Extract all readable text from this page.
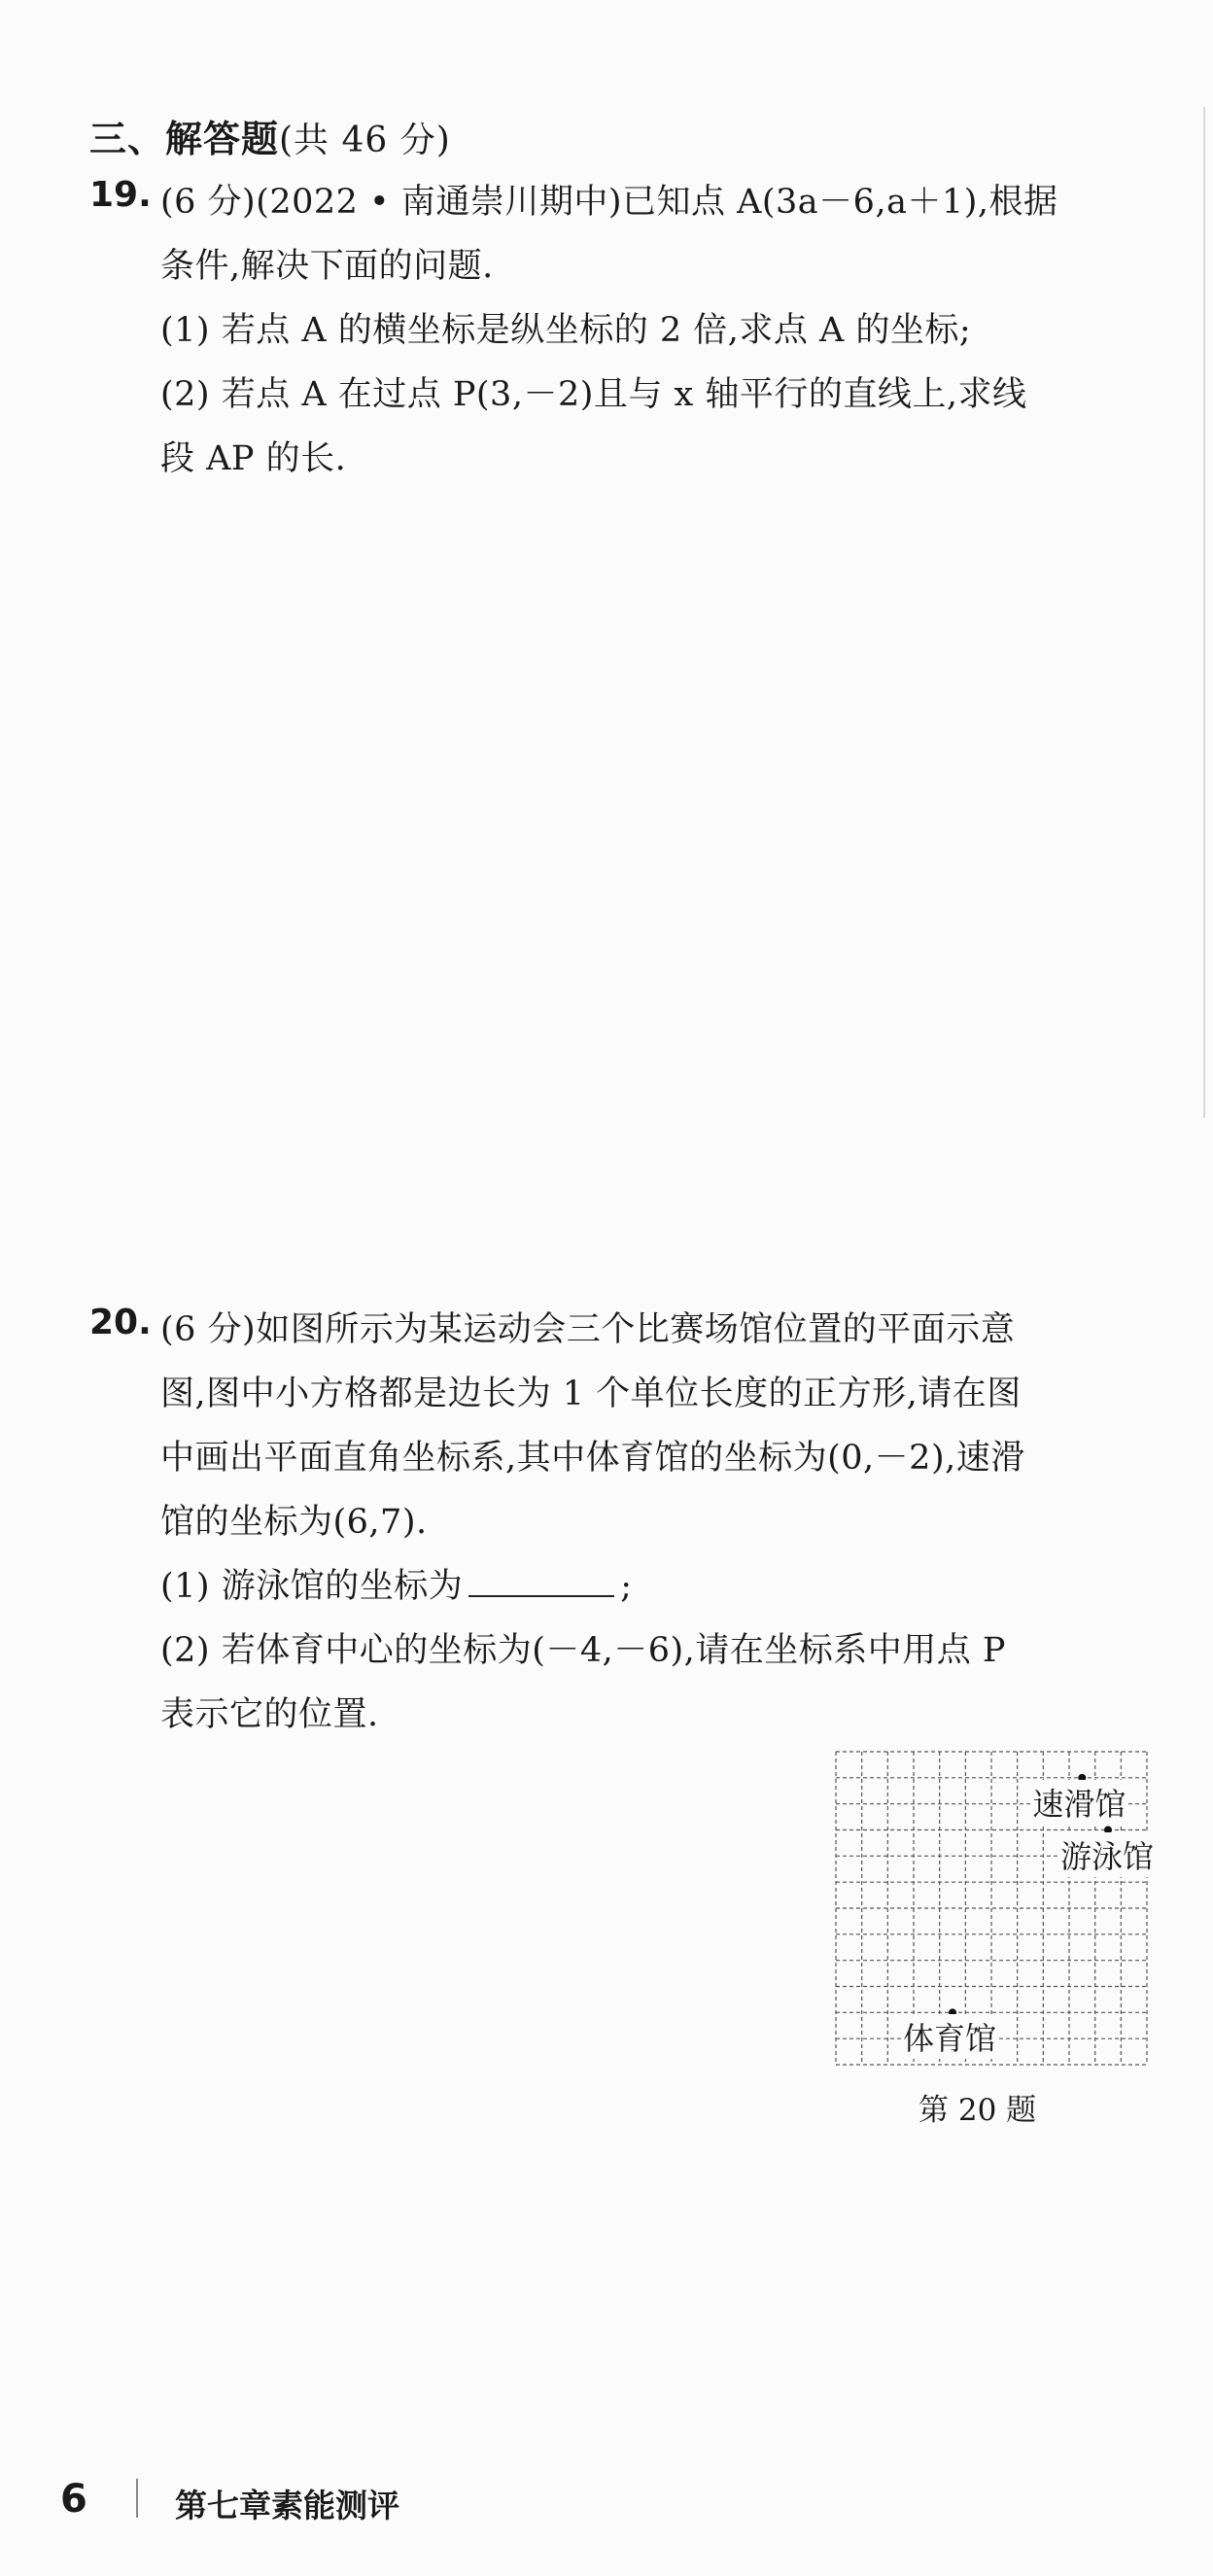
三、解答题(共 46 分)
19. (6 分)(2022 • 南通崇川期中)已知点 A(3a－6,a＋1),根据
条件,解决下面的问题.
(1) 若点 A 的横坐标是纵坐标的 2 倍,求点 A 的坐标;
(2) 若点 A 在过点 P(3,－2)且与 x 轴平行的直线上,求线
段 AP 的长.
20. (6 分)如图所示为某运动会三个比赛场馆位置的平面示意
图,图中小方格都是边长为 1 个单位长度的正方形,请在图
中画出平面直角坐标系,其中体育馆的坐标为(0,－2),速滑
馆的坐标为(6,7).
(1) 游泳馆的坐标为	;
(2) 若体育中心的坐标为(－4,－6),请在坐标系中用点 P
表示它的位置.
速滑馆
游泳馆
体育馆
第 20 题
6	第七章素能测评
